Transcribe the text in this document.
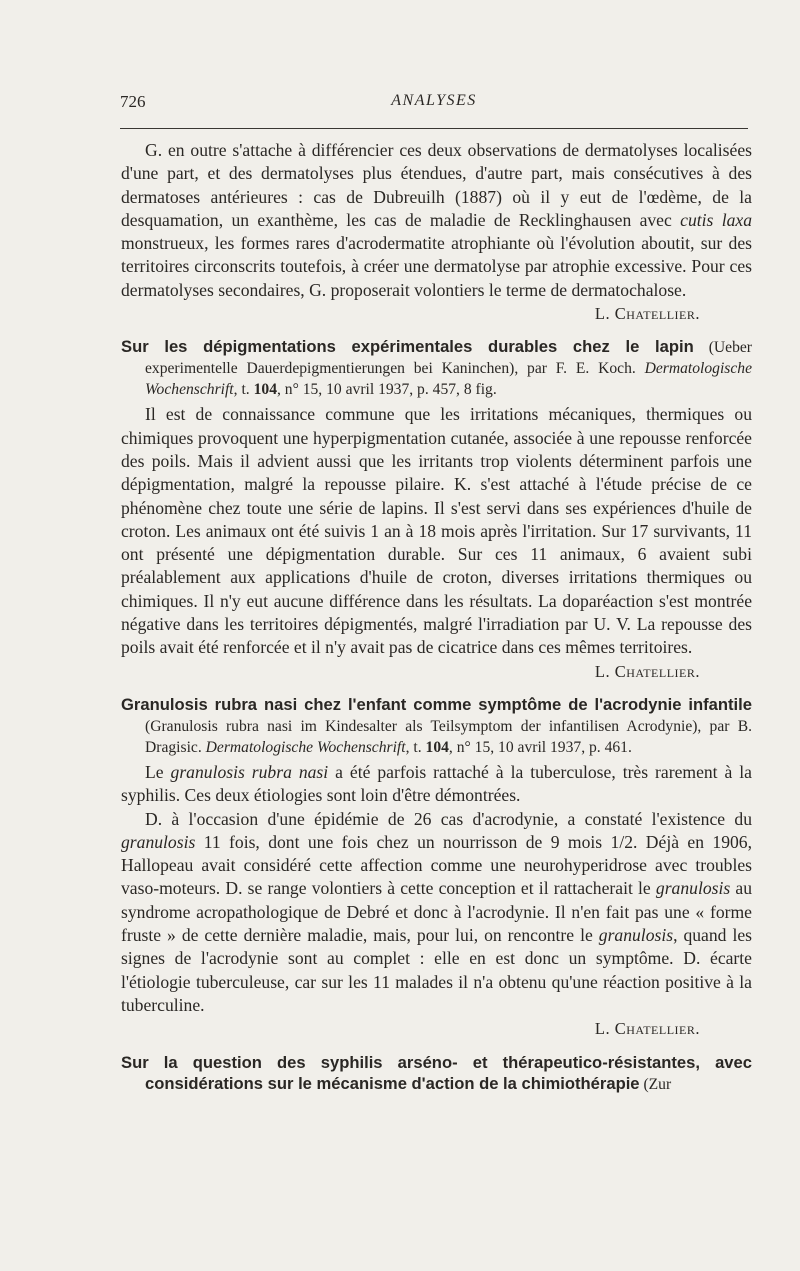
726	ANALYSES

G. en outre s'attache à différencier ces deux observations de dermatolyses localisées d'une part, et des dermatolyses plus étendues, d'autre part, mais consécutives à des dermatoses antérieures : cas de Dubreuilh (1887) où il y eut de l'œdème, de la desquamation, un exanthème, les cas de maladie de Recklinghausen avec cutis laxa monstrueux, les formes rares d'acrodermatite atrophiante où l'évolution aboutit, sur des territoires circonscrits toutefois, à créer une dermatolyse par atrophie excessive. Pour ces dermatolyses secondaires, G. proposerait volontiers le terme de dermatochalose.

L. Chatellier.

Sur les dépigmentations expérimentales durables chez le lapin (Ueber experimentelle Dauerdepigmentierungen bei Kaninchen), par F. E. Koch. Dermatologische Wochenschrift, t. 104, n° 15, 10 avril 1937, p. 457, 8 fig.

Il est de connaissance commune que les irritations mécaniques, thermiques ou chimiques provoquent une hyperpigmentation cutanée, associée à une repousse renforcée des poils. Mais il advient aussi que les irritants trop violents déterminent parfois une dépigmentation, malgré la repousse pilaire. K. s'est attaché à l'étude précise de ce phénomène chez toute une série de lapins. Il s'est servi dans ses expériences d'huile de croton. Les animaux ont été suivis 1 an à 18 mois après l'irritation. Sur 17 survivants, 11 ont présenté une dépigmentation durable. Sur ces 11 animaux, 6 avaient subi préalablement aux applications d'huile de croton, diverses irritations thermiques ou chimiques. Il n'y eut aucune différence dans les résultats. La doparéaction s'est montrée négative dans les territoires dépigmentés, malgré l'irradiation par U. V. La repousse des poils avait été renforcée et il n'y avait pas de cicatrice dans ces mêmes territoires.

L. Chatellier.

Granulosis rubra nasi chez l'enfant comme symptôme de l'acrodynie infantile (Granulosis rubra nasi im Kindesalter als Teilsymptom der infantilisen Acrodynie), par B. Dragisic. Dermatologische Wochenschrift, t. 104, n° 15, 10 avril 1937, p. 461.

Le granulosis rubra nasi a été parfois rattaché à la tuberculose, très rarement à la syphilis. Ces deux étiologies sont loin d'être démontrées.

D. à l'occasion d'une épidémie de 26 cas d'acrodynie, a constaté l'existence du granulosis 11 fois, dont une fois chez un nourrisson de 9 mois 1/2. Déjà en 1906, Hallopeau avait considéré cette affection comme une neurohyperidrose avec troubles vaso-moteurs. D. se range volontiers à cette conception et il rattacherait le granulosis au syndrome acropathologique de Debré et donc à l'acrodynie. Il n'en fait pas une « forme fruste » de cette dernière maladie, mais, pour lui, on rencontre le granulosis, quand les signes de l'acrodynie sont au complet : elle en est donc un symptôme. D. écarte l'étiologie tuberculeuse, car sur les 11 malades il n'a obtenu qu'une réaction positive à la tuberculine.

L. Chatellier.

Sur la question des syphilis arséno- et thérapeutico-résistantes, avec considérations sur le mécanisme d'action de la chimiothérapie (Zur
